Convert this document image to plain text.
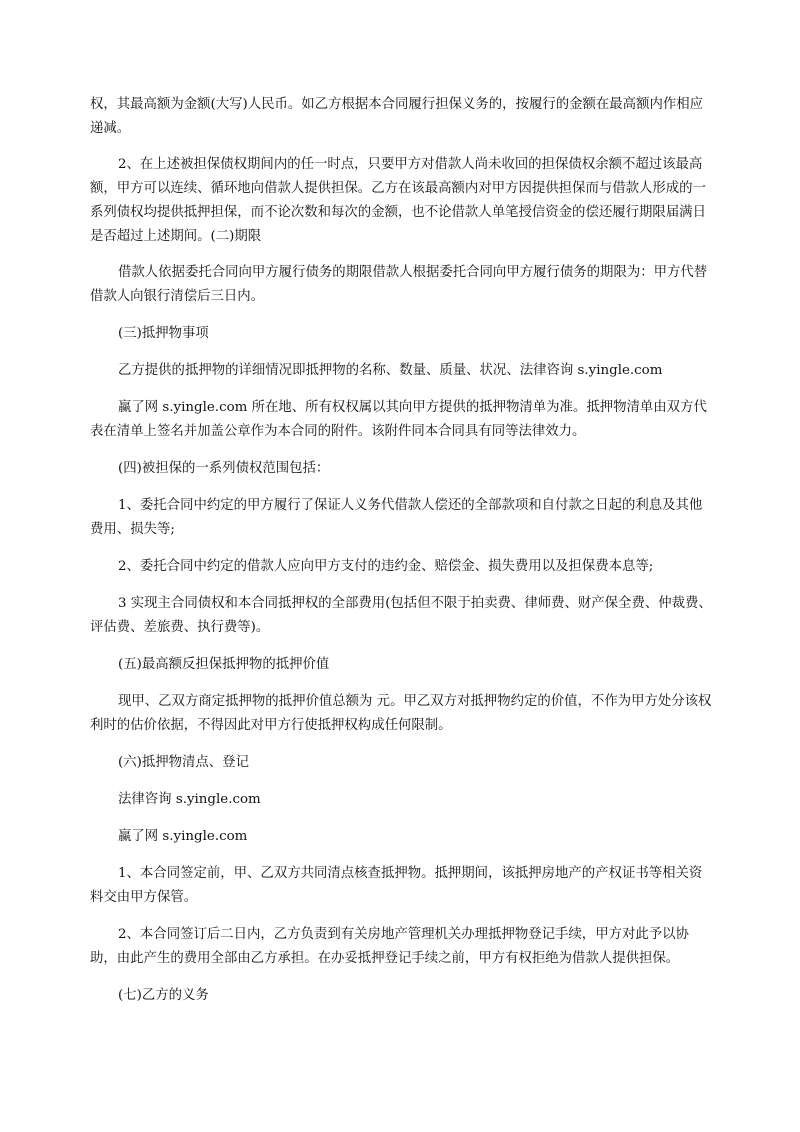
权，其最高额为金额(大写)人民币。如乙方根据本合同履行担保义务的，按履行的金额在最高额内作相应递减。

2、在上述被担保债权期间内的任一时点，只要甲方对借款人尚未收回的担保债权余额不超过该最高额，甲方可以连续、循环地向借款人提供担保。乙方在该最高额内对甲方因提供担保而与借款人形成的一系列债权均提供抵押担保，而不论次数和每次的金额，也不论借款人单笔授信资金的偿还履行期限届满日是否超过上述期间。(二)期限

借款人依据委托合同向甲方履行债务的期限借款人根据委托合同向甲方履行债务的期限为：甲方代替借款人向银行清偿后三日内。

(三)抵押物事项

乙方提供的抵押物的详细情况即抵押物的名称、数量、质量、状况、法律咨询 s.yingle.com

赢了网 s.yingle.com 所在地、所有权权属以其向甲方提供的抵押物清单为准。抵押物清单由双方代表在清单上签名并加盖公章作为本合同的附件。该附件同本合同具有同等法律效力。

(四)被担保的一系列债权范围包括：

1、委托合同中约定的甲方履行了保证人义务代借款人偿还的全部款项和自付款之日起的利息及其他费用、损失等;

2、委托合同中约定的借款人应向甲方支付的违约金、赔偿金、损失费用以及担保费本息等;

3 实现主合同债权和本合同抵押权的全部费用(包括但不限于拍卖费、律师费、财产保全费、仲裁费、评估费、差旅费、执行费等)。

(五)最高额反担保抵押物的抵押价值

现甲、乙双方商定抵押物的抵押价值总额为 元。甲乙双方对抵押物约定的价值，不作为甲方处分该权利时的估价依据，不得因此对甲方行使抵押权构成任何限制。

(六)抵押物清点、登记

法律咨询 s.yingle.com

赢了网 s.yingle.com

1、本合同签定前，甲、乙双方共同清点核查抵押物。抵押期间，该抵押房地产的产权证书等相关资料交由甲方保管。

2、本合同签订后二日内，乙方负责到有关房地产管理机关办理抵押物登记手续，甲方对此予以协助，由此产生的费用全部由乙方承担。在办妥抵押登记手续之前，甲方有权拒绝为借款人提供担保。

(七)乙方的义务
